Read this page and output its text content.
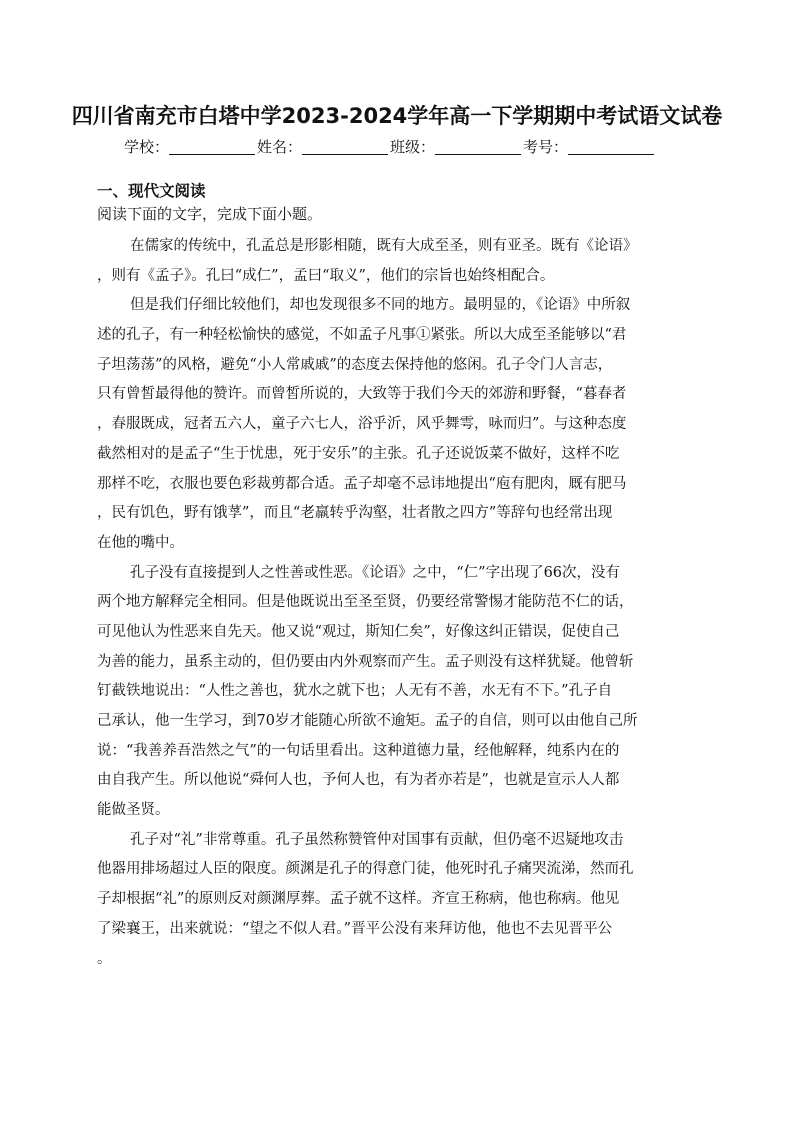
四川省南充市白塔中学2023-2024学年高一下学期期中考试语文试卷
学校：	姓名：	班级：	考号：
一、现代文阅读
阅读下面的文字，完成下面小题。
在儒家的传统中，孔孟总是形影相随，既有大成至圣，则有亚圣。既有《论语》
，则有《孟子》。孔曰“成仁”，孟曰“取义”，他们的宗旨也始终相配合。
但是我们仔细比较他们，却也发现很多不同的地方。最明显的，《论语》中所叙
述的孔子，有一种轻松愉快的感觉，不如孟子凡事①紧张。所以大成至圣能够以“君
子坦荡荡”的风格，避免“小人常戚戚”的态度去保持他的悠闲。孔子令门人言志，
只有曾皙最得他的赞许。而曾皙所说的，大致等于我们今天的郊游和野餐，“暮春者
，春服既成，冠者五六人，童子六七人，浴乎沂，风乎舞雩，咏而归”。与这种态度
截然相对的是孟子“生于忧患，死于安乐”的主张。孔子还说饭菜不做好，这样不吃
那样不吃，衣服也要色彩裁剪都合适。孟子却毫不忌讳地提出“庖有肥肉，厩有肥马
，民有饥色，野有饿莩”，而且“老羸转乎沟壑，壮者散之四方”等辞句也经常出现
在他的嘴中。
孔子没有直接提到人之性善或性恶。《论语》之中，“仁”字出现了66次，没有
两个地方解释完全相同。但是他既说出至圣至贤，仍要经常警惕才能防范不仁的话，
可见他认为性恶来自先天。他又说“观过，斯知仁矣”，好像这纠正错误，促使自己
为善的能力，虽系主动的，但仍要由内外观察而产生。孟子则没有这样犹疑。他曾斩
钉截铁地说出：“人性之善也，犹水之就下也；人无有不善，水无有不下。”孔子自
己承认，他一生学习，到70岁才能随心所欲不逾矩。孟子的自信，则可以由他自己所
说：“我善养吾浩然之气”的一句话里看出。这种道德力量，经他解释，纯系内在的
由自我产生。所以他说“舜何人也，予何人也，有为者亦若是”，也就是宣示人人都
能做圣贤。
孔子对“礼”非常尊重。孔子虽然称赞管仲对国事有贡献，但仍毫不迟疑地攻击
他器用排场超过人臣的限度。颜渊是孔子的得意门徒，他死时孔子痛哭流涕，然而孔
子却根据“礼”的原则反对颜渊厚葬。孟子就不这样。齐宣王称病，他也称病。他见
了梁襄王，出来就说：“望之不似人君。”晋平公没有来拜访他，他也不去见晋平公
。
